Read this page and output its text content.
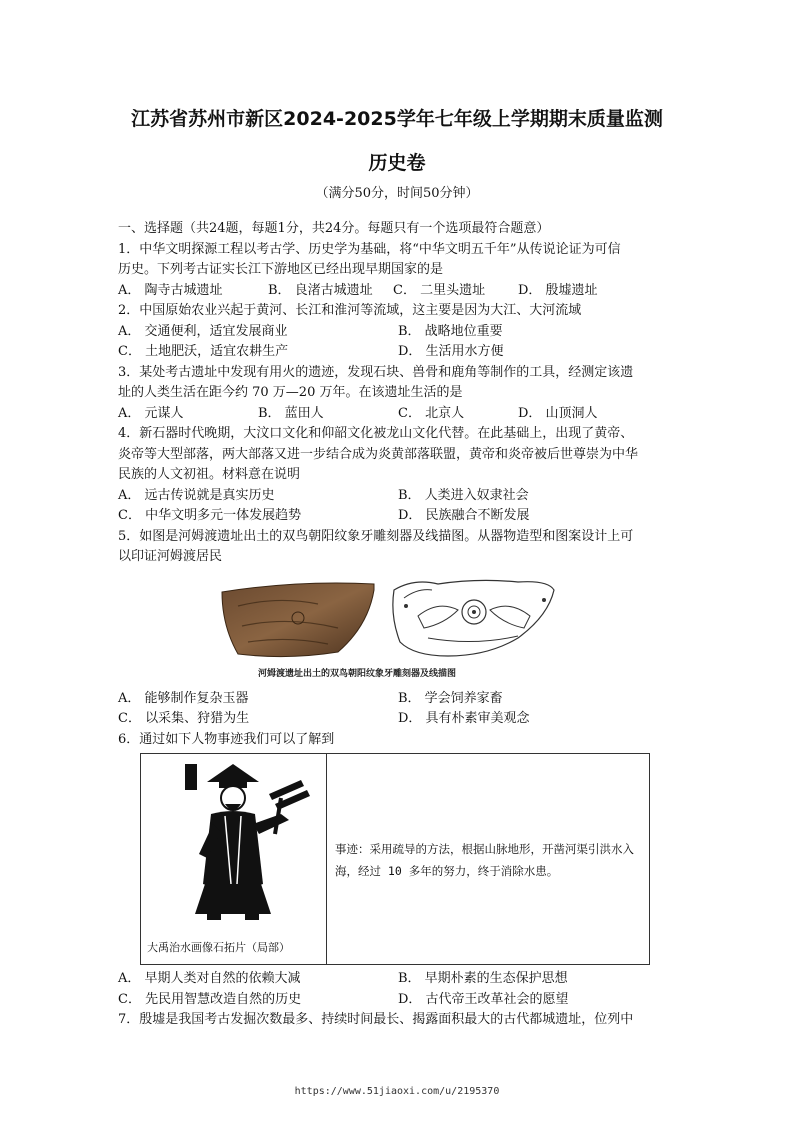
江苏省苏州市新区2024-2025学年七年级上学期期末质量监测
历史卷
（满分50分，时间50分钟）
一、选择题（共24题，每题1分，共24分。每题只有一个选项最符合题意）
1．中华文明探源工程以考古学、历史学为基础，将“中华文明五千年”从传说论证为可信
历史。下列考古证实长江下游地区已经出现早期国家的是
A． 陶寺古城遗址	B． 良渚古城遗址	C． 二里头遗址	D． 殷墟遗址
2．中国原始农业兴起于黄河、长江和淮河等流域，这主要是因为大江、大河流域
A． 交通便利，适宜发展商业	B． 战略地位重要
C． 土地肥沃，适宜农耕生产	D． 生活用水方便
3．某处考古遗址中发现有用火的遗迹，发现石块、兽骨和鹿角等制作的工具，经测定该遗
址的人类生活在距今约 70 万—20 万年。在该遗址生活的是
A． 元谋人	B． 蓝田人	C． 北京人	D． 山顶洞人
4．新石器时代晚期，大汶口文化和仰韶文化被龙山文化代替。在此基础上，出现了黄帝、
炎帝等大型部落，两大部落又进一步结合成为炎黄部落联盟，黄帝和炎帝被后世尊崇为中华
民族的人文初祖。材料意在说明
A． 远古传说就是真实历史	B． 人类进入奴隶社会
C． 中华文明多元一体发展趋势	D． 民族融合不断发展
5．如图是河姆渡遗址出土的双鸟朝阳纹象牙雕刻器及线描图。从器物造型和图案设计上可
以印证河姆渡居民
河姆渡遗址出土的双鸟朝阳纹象牙雕刻器及线描图
A． 能够制作复杂玉器	B． 学会饲养家畜
C． 以采集、狩猎为生	D． 具有朴素审美观念
6．通过如下人物事迹我们可以了解到
大禹治水画像石拓片（局部）
事迹：采用疏导的方法，根据山脉地形，开凿河渠引洪水入海，经过 10 多年的努力，终于消除水患。
A． 早期人类对自然的依赖大减	B． 早期朴素的生态保护思想
C． 先民用智慧改造自然的历史	D． 古代帝王改革社会的愿望
7．殷墟是我国考古发掘次数最多、持续时间最长、揭露面积最大的古代都城遗址，位列中
https://www.51jiaoxi.com/u/2195370
